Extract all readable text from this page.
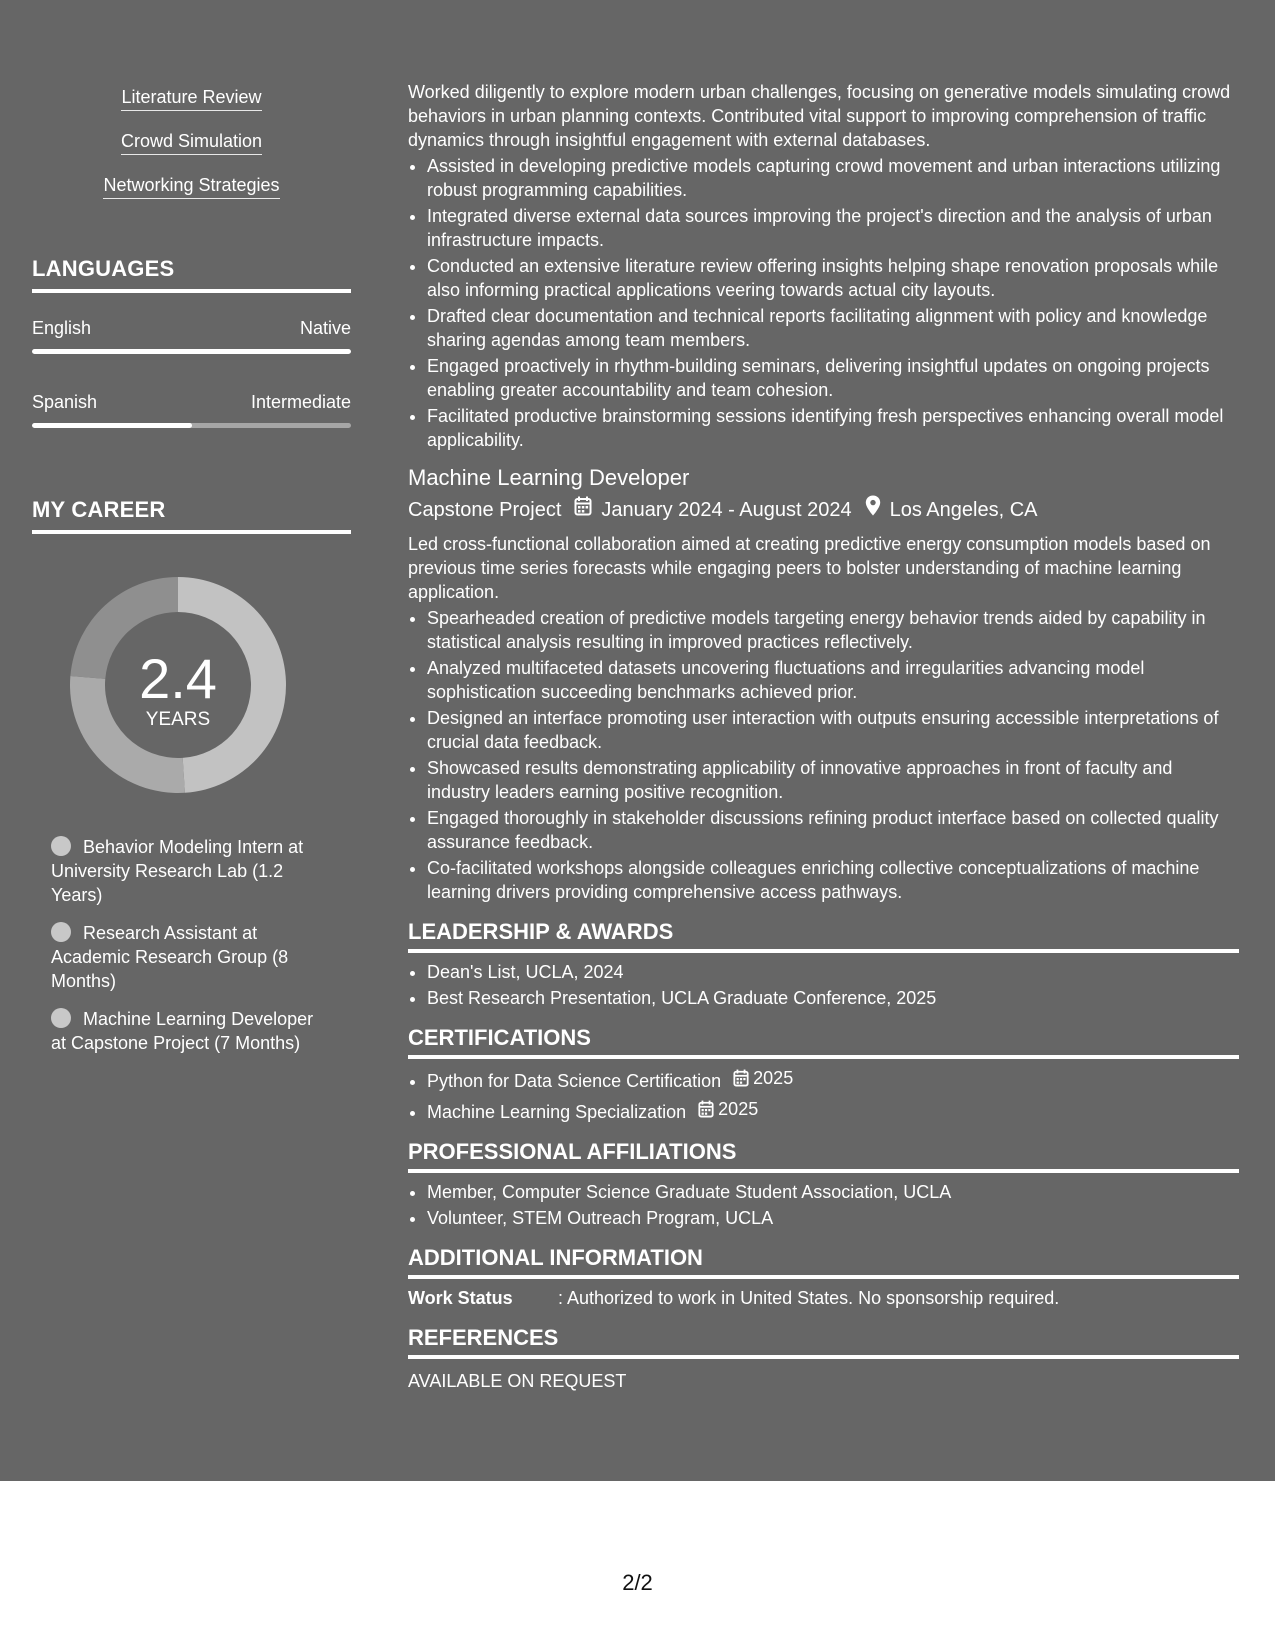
Literature Review
Crowd Simulation
Networking Strategies
LANGUAGES
English	Native
Spanish	Intermediate
MY CAREER
2.4
YEARS
Behavior Modeling Intern at University Research Lab (1.2 Years)
Research Assistant at Academic Research Group (8 Months)
Machine Learning Developer at Capstone Project (7 Months)
Worked diligently to explore modern urban challenges, focusing on generative models simulating crowd behaviors in urban planning contexts. Contributed vital support to improving comprehension of traffic dynamics through insightful engagement with external databases.
• Assisted in developing predictive models capturing crowd movement and urban interactions utilizing robust programming capabilities.
• Integrated diverse external data sources improving the project's direction and the analysis of urban infrastructure impacts.
• Conducted an extensive literature review offering insights helping shape renovation proposals while also informing practical applications veering towards actual city layouts.
• Drafted clear documentation and technical reports facilitating alignment with policy and knowledge sharing agendas among team members.
• Engaged proactively in rhythm-building seminars, delivering insightful updates on ongoing projects enabling greater accountability and team cohesion.
• Facilitated productive brainstorming sessions identifying fresh perspectives enhancing overall model applicability.
Machine Learning Developer
Capstone Project January 2024 - August 2024 Los Angeles, CA
Led cross-functional collaboration aimed at creating predictive energy consumption models based on previous time series forecasts while engaging peers to bolster understanding of machine learning application.
• Spearheaded creation of predictive models targeting energy behavior trends aided by capability in statistical analysis resulting in improved practices reflectively.
• Analyzed multifaceted datasets uncovering fluctuations and irregularities advancing model sophistication succeeding benchmarks achieved prior.
• Designed an interface promoting user interaction with outputs ensuring accessible interpretations of crucial data feedback.
• Showcased results demonstrating applicability of innovative approaches in front of faculty and industry leaders earning positive recognition.
• Engaged thoroughly in stakeholder discussions refining product interface based on collected quality assurance feedback.
• Co-facilitated workshops alongside colleagues enriching collective conceptualizations of machine learning drivers providing comprehensive access pathways.
LEADERSHIP & AWARDS
• Dean's List, UCLA, 2024
• Best Research Presentation, UCLA Graduate Conference, 2025
CERTIFICATIONS
• Python for Data Science Certification 2025
• Machine Learning Specialization 2025
PROFESSIONAL AFFILIATIONS
• Member, Computer Science Graduate Student Association, UCLA
• Volunteer, STEM Outreach Program, UCLA
ADDITIONAL INFORMATION
Work Status	: Authorized to work in United States. No sponsorship required.
REFERENCES
AVAILABLE ON REQUEST
2/2
